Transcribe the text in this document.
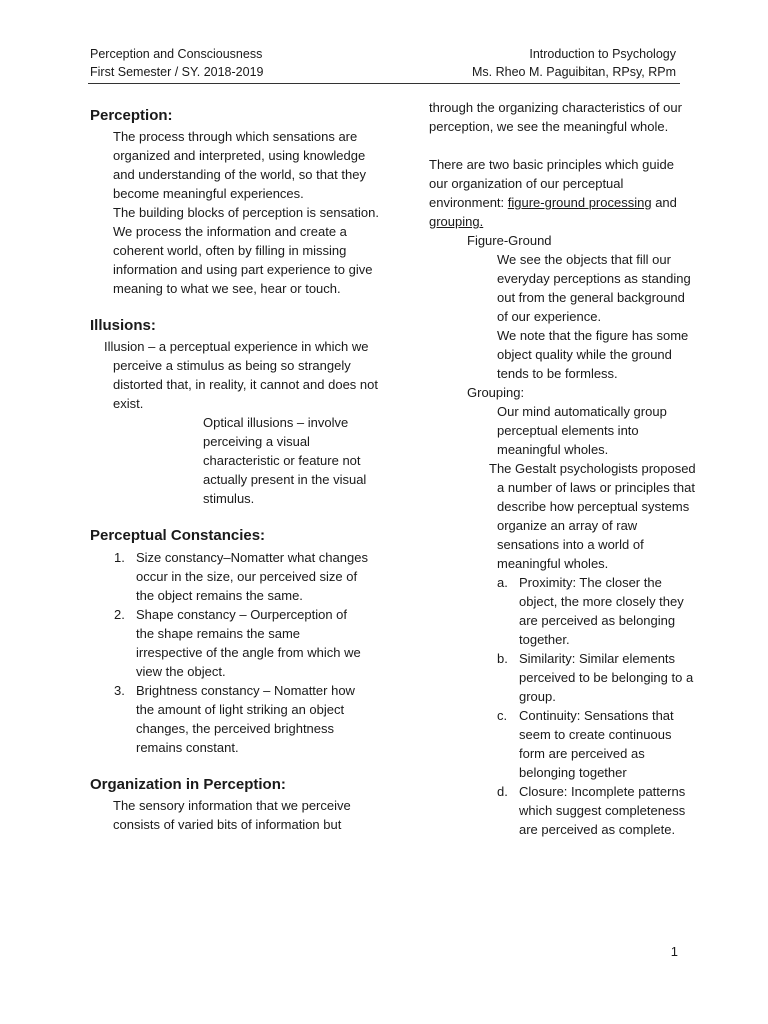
Perception and Consciousness
First Semester / SY. 2018-2019
Introduction to Psychology
Ms. Rheo M. Paguibitan, RPsy, RPm
Perception:

The process through which sensations are organized and interpreted, using knowledge and understanding of the world, so that they become meaningful experiences.

The building blocks of perception is sensation.

We process the information and create a coherent world, often by filling in missing information and using part experience to give meaning to what we see, hear or touch.

Illusions:

Illusion – a perceptual experience in which we perceive a stimulus as being so strangely distorted that, in reality, it cannot and does not exist.

Optical illusions – involve perceiving a visual characteristic or feature not actually present in the visual stimulus.

Perceptual Constancies:
1. Size constancy–Nomatter what changes occur in the size, our perceived size of the object remains the same.
2. Shape constancy – Ourperception of the shape remains the same irrespective of the angle from which we view the object.
3. Brightness constancy – Nomatter how the amount of light striking an object changes, the perceived brightness remains constant.
Organization in Perception:

The sensory information that we perceive consists of varied bits of information but

through the organizing characteristics of our perception, we see the meaningful whole.

There are two basic principles which guide our organization of our perceptual environment: figure-ground processing and grouping.

Figure-Ground

We see the objects that fill our everyday perceptions as standing out from the general background of our experience.

We note that the figure has some object quality while the ground tends to be formless.

Grouping:

Our mind automatically group perceptual elements into meaningful wholes.

The Gestalt psychologists proposed a number of laws or principles that describe how perceptual systems organize an array of raw sensations into a world of meaningful wholes.

a. Proximity: The closer the object, the more closely they are perceived as belonging together.
b. Similarity: Similar elements perceived to be belonging to a group.
c. Continuity: Sensations that seem to create continuous form are perceived as belonging together
d. Closure: Incomplete patterns which suggest completeness are perceived as complete.
1
